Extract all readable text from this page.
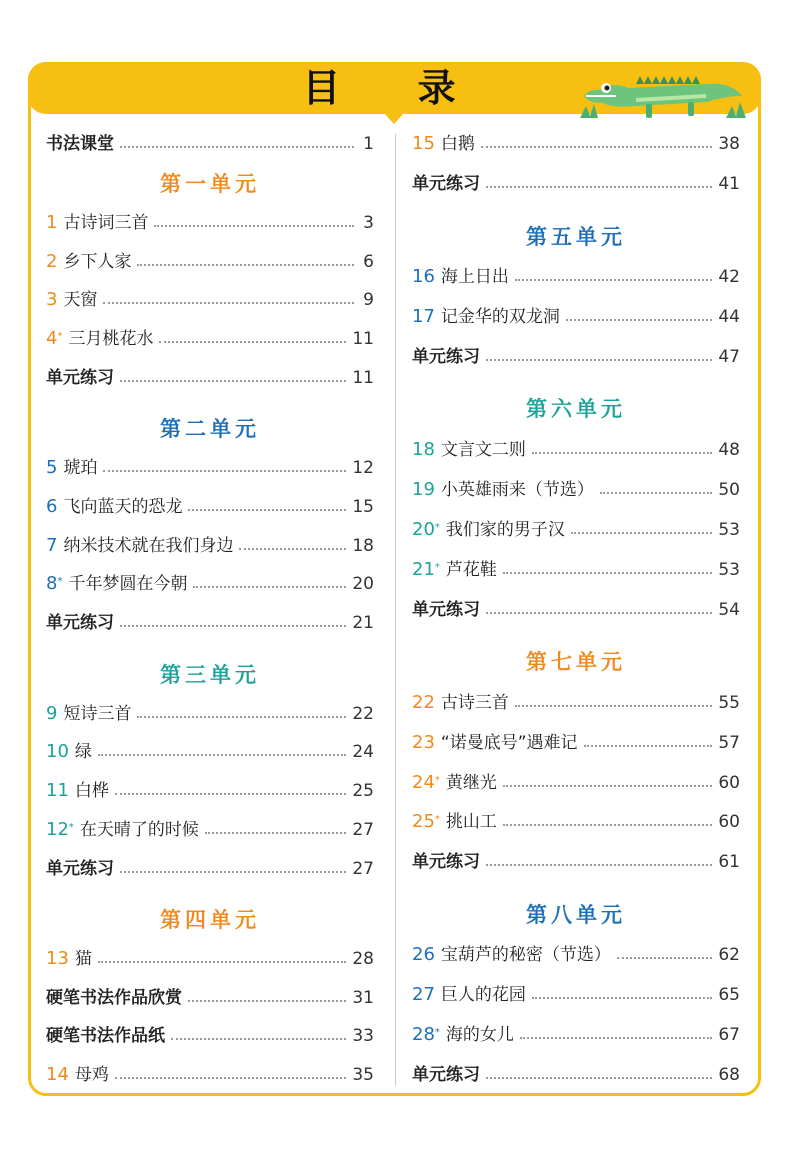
目 录
书法课堂	1
第一单元
1 古诗词三首	3
2 乡下人家	6
3 天窗	9
4* 三月桃花水	11
单元练习	11
第二单元
5 琥珀	12
6 飞向蓝天的恐龙	15
7 纳米技术就在我们身边	18
8* 千年梦圆在今朝	20
单元练习	21
第三单元
9 短诗三首	22
10 绿	24
11 白桦	25
12* 在天晴了的时候	27
单元练习	27
第四单元
13 猫	28
硬笔书法作品欣赏	31
硬笔书法作品纸	33
14 母鸡	35
15 白鹅	38
单元练习	41
第五单元
16 海上日出	42
17 记金华的双龙洞	44
单元练习	47
第六单元
18 文言文二则	48
19 小英雄雨来（节选）	50
20* 我们家的男子汉	53
21* 芦花鞋	53
单元练习	54
第七单元
22 古诗三首	55
23 “诺曼底号”遇难记	57
24* 黄继光	60
25* 挑山工	60
单元练习	61
第八单元
26 宝葫芦的秘密（节选）	62
27 巨人的花园	65
28* 海的女儿	67
单元练习	68
